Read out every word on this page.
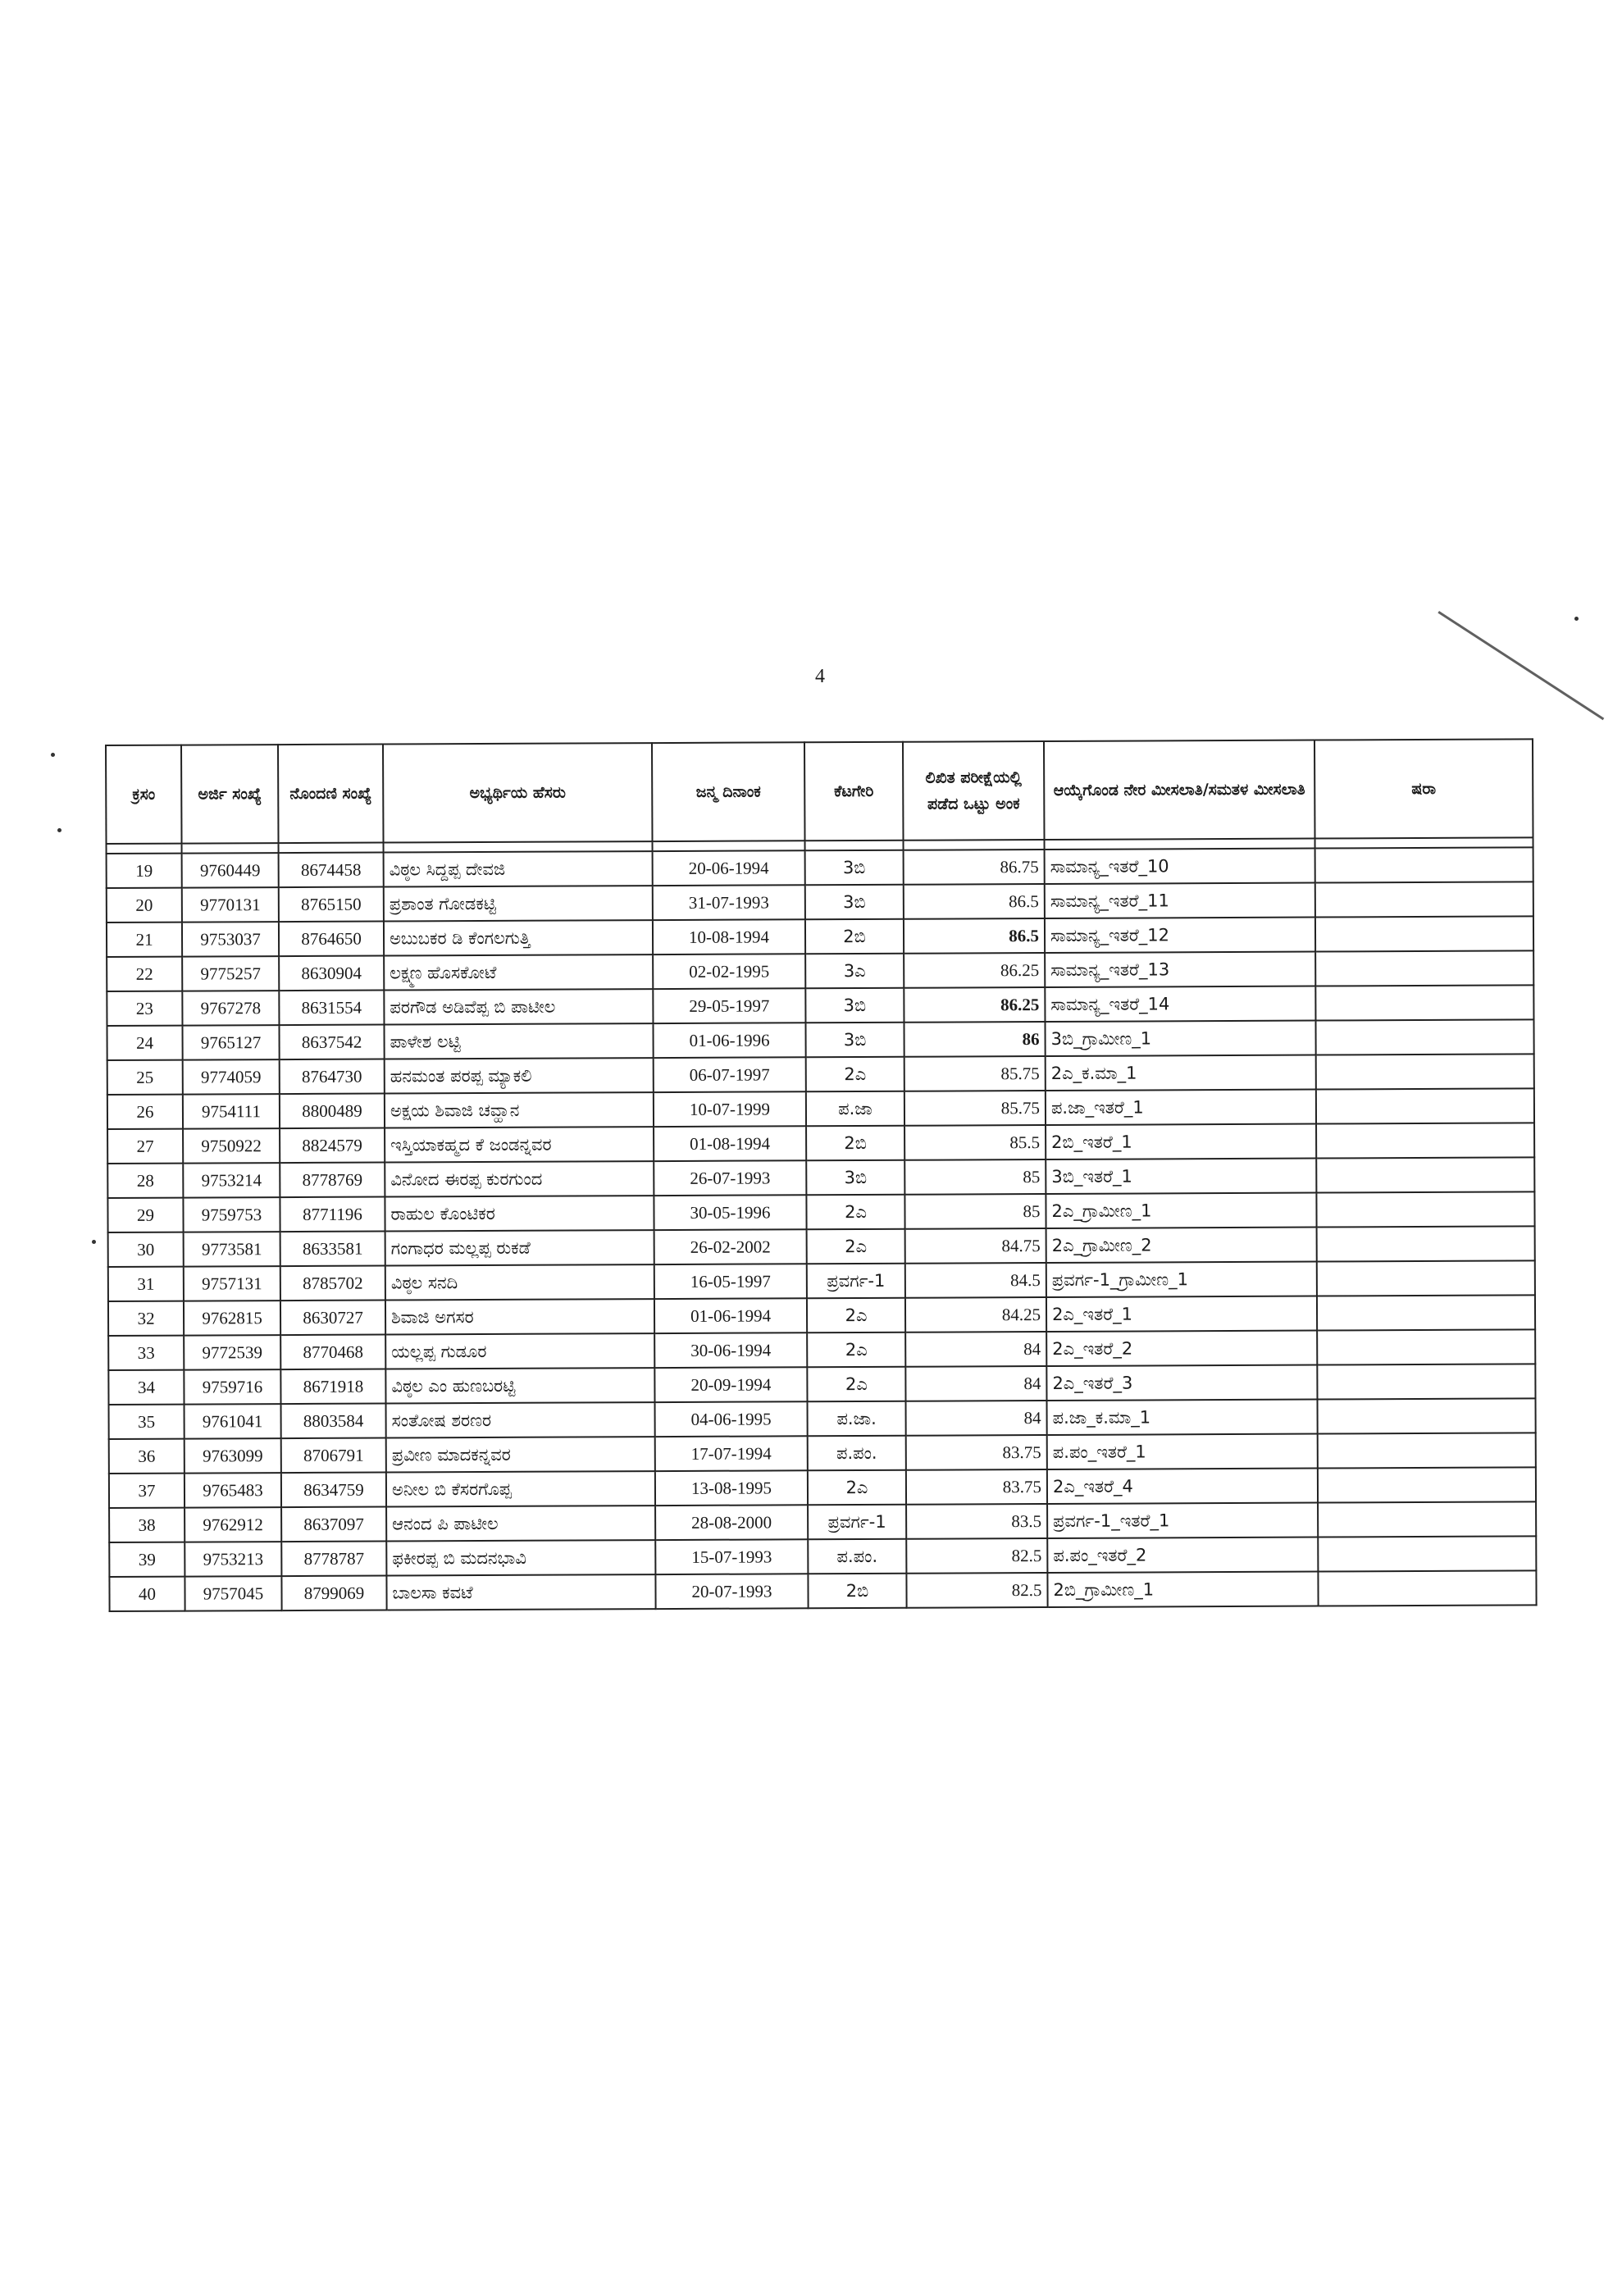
4
ಕ್ರಸಂ	ಅರ್ಜಿ ಸಂಖ್ಯೆ	ನೊಂದಣಿ ಸಂಖ್ಯೆ	ಅಭ್ಯರ್ಥಿಯ ಹೆಸರು	ಜನ್ಮ ದಿನಾಂಕ	ಕೆಟಗೇರಿ	ಲಿಖಿತ ಪರೀಕ್ಷೆಯಲ್ಲಿ ಪಡೆದ ಒಟ್ಟು ಅಂಕ	ಆಯ್ಕೆಗೊಂಡ ನೇರ ಮೀಸಲಾತಿ/ಸಮತಳ ಮೀಸಲಾತಿ	ಷರಾ

19	9760449	8674458	ವಿಠ್ಠಲ ಸಿದ್ದಪ್ಪ ದೇವಜಿ	20-06-1994	3ಬಿ	86.75	ಸಾಮಾನ್ಯ_ಇತರೆ_10	
20	9770131	8765150	ಪ್ರಶಾಂತ ಗೋಡಕಟ್ಟಿ	31-07-1993	3ಬಿ	86.5	ಸಾಮಾನ್ಯ_ಇತರೆ_11	
21	9753037	8764650	ಅಬುಬಕರ ಡಿ ಕೆಂಗಲಗುತ್ತಿ	10-08-1994	2ಬಿ	86.5	ಸಾಮಾನ್ಯ_ಇತರೆ_12	
22	9775257	8630904	ಲಕ್ಷ್ಮಣ ಹೊಸಕೋಟೆ	02-02-1995	3ಎ	86.25	ಸಾಮಾನ್ಯ_ಇತರೆ_13	
23	9767278	8631554	ಪರಗೌಡ ಅಡಿವೆಪ್ಪ ಬಿ ಪಾಟೀಲ	29-05-1997	3ಬಿ	86.25	ಸಾಮಾನ್ಯ_ಇತರೆ_14	
24	9765127	8637542	ಪಾಳೇಶ ಲಟ್ಟಿ	01-06-1996	3ಬಿ	86	3ಬಿ_ಗ್ರಾಮೀಣ_1	
25	9774059	8764730	ಹನಮಂತ ಪರಪ್ಪ ಮ್ಯಾಕಲಿ	06-07-1997	2ಎ	85.75	2ಎ_ಕ.ಮಾ_1	
26	9754111	8800489	ಅಕ್ಷಯ ಶಿವಾಜಿ ಚವ್ಹಾನ	10-07-1999	ಪ.ಜಾ	85.75	ಪ.ಜಾ_ಇತರೆ_1	
27	9750922	8824579	ಇಸ್ತಿಯಾಕಹ್ಮದ ಕೆ ಜಂಡನ್ನವರ	01-08-1994	2ಬಿ	85.5	2ಬಿ_ಇತರೆ_1	
28	9753214	8778769	ವಿನೋದ ಈರಪ್ಪ ಕುರಗುಂದ	26-07-1993	3ಬಿ	85	3ಬಿ_ಇತರೆ_1	
29	9759753	8771196	ರಾಹುಲ ಕೊಂಟಿಕರ	30-05-1996	2ಎ	85	2ಎ_ಗ್ರಾಮೀಣ_1	
30	9773581	8633581	ಗಂಗಾಧರ ಮಲ್ಲಪ್ಪ ರುಕಡೆ	26-02-2002	2ಎ	84.75	2ಎ_ಗ್ರಾಮೀಣ_2	
31	9757131	8785702	ವಿಠ್ಠಲ ಸನದಿ	16-05-1997	ಪ್ರವರ್ಗ-1	84.5	ಪ್ರವರ್ಗ-1_ಗ್ರಾಮೀಣ_1	
32	9762815	8630727	ಶಿವಾಜಿ ಅಗಸರ	01-06-1994	2ಎ	84.25	2ಎ_ಇತರೆ_1	
33	9772539	8770468	ಯಲ್ಲಪ್ಪ ಗುಡೂರ	30-06-1994	2ಎ	84	2ಎ_ಇತರೆ_2	
34	9759716	8671918	ವಿಠ್ಠಲ ಎಂ ಹುಣಬರಟ್ಟಿ	20-09-1994	2ಎ	84	2ಎ_ಇತರೆ_3	
35	9761041	8803584	ಸಂತೋಷ ಶರಣರ	04-06-1995	ಪ.ಜಾ.	84	ಪ.ಜಾ_ಕ.ಮಾ_1	
36	9763099	8706791	ಪ್ರವೀಣ ಮಾದಕನ್ನವರ	17-07-1994	ಪ.ಪಂ.	83.75	ಪ.ಪಂ_ಇತರೆ_1	
37	9765483	8634759	ಅನೀಲ ಬಿ ಕೆಸರಗೊಪ್ಪ	13-08-1995	2ಎ	83.75	2ಎ_ಇತರೆ_4	
38	9762912	8637097	ಆನಂದ ಪಿ ಪಾಟೀಲ	28-08-2000	ಪ್ರವರ್ಗ-1	83.5	ಪ್ರವರ್ಗ-1_ಇತರೆ_1	
39	9753213	8778787	ಫಕೀರಪ್ಪ ಬಿ ಮದನಭಾವಿ	15-07-1993	ಪ.ಪಂ.	82.5	ಪ.ಪಂ_ಇತರೆ_2	
40	9757045	8799069	ಬಾಲಸಾ ಕವಟೆ	20-07-1993	2ಬಿ	82.5	2ಬಿ_ಗ್ರಾಮೀಣ_1	
